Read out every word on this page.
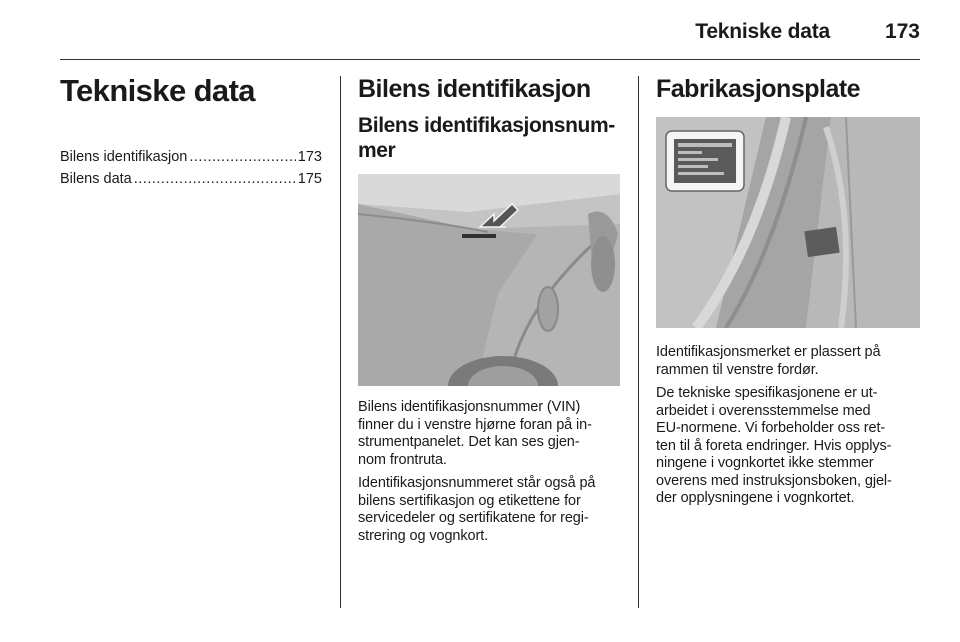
Tekniske data	173
Tekniske data
Bilens identifikasjon .....	173
Bilens data .....	175
Bilens identifikasjon
Bilens identifikasjonsnum-
mer

Bilens identifikasjonsnummer (VIN)
finner du i venstre hjørne foran på in-
strumentpanelet. Det kan ses gjen-
nom frontruta.

Identifikasjonsnummeret står også på
bilens sertifikasjon og etikettene for
servicedeler og sertifikatene for regi-
strering og vognkort.

Fabrikasjonsplate

Identifikasjonsmerket er plassert på
rammen til venstre fordør.

De tekniske spesifikasjonene er ut-
arbeidet i overensstemmelse med
EU-normene. Vi forbeholder oss ret-
ten til å foreta endringer. Hvis opplys-
ningene i vognkortet ikke stemmer
overens med instruksjonsboken, gjel-
der opplysningene i vognkortet.
